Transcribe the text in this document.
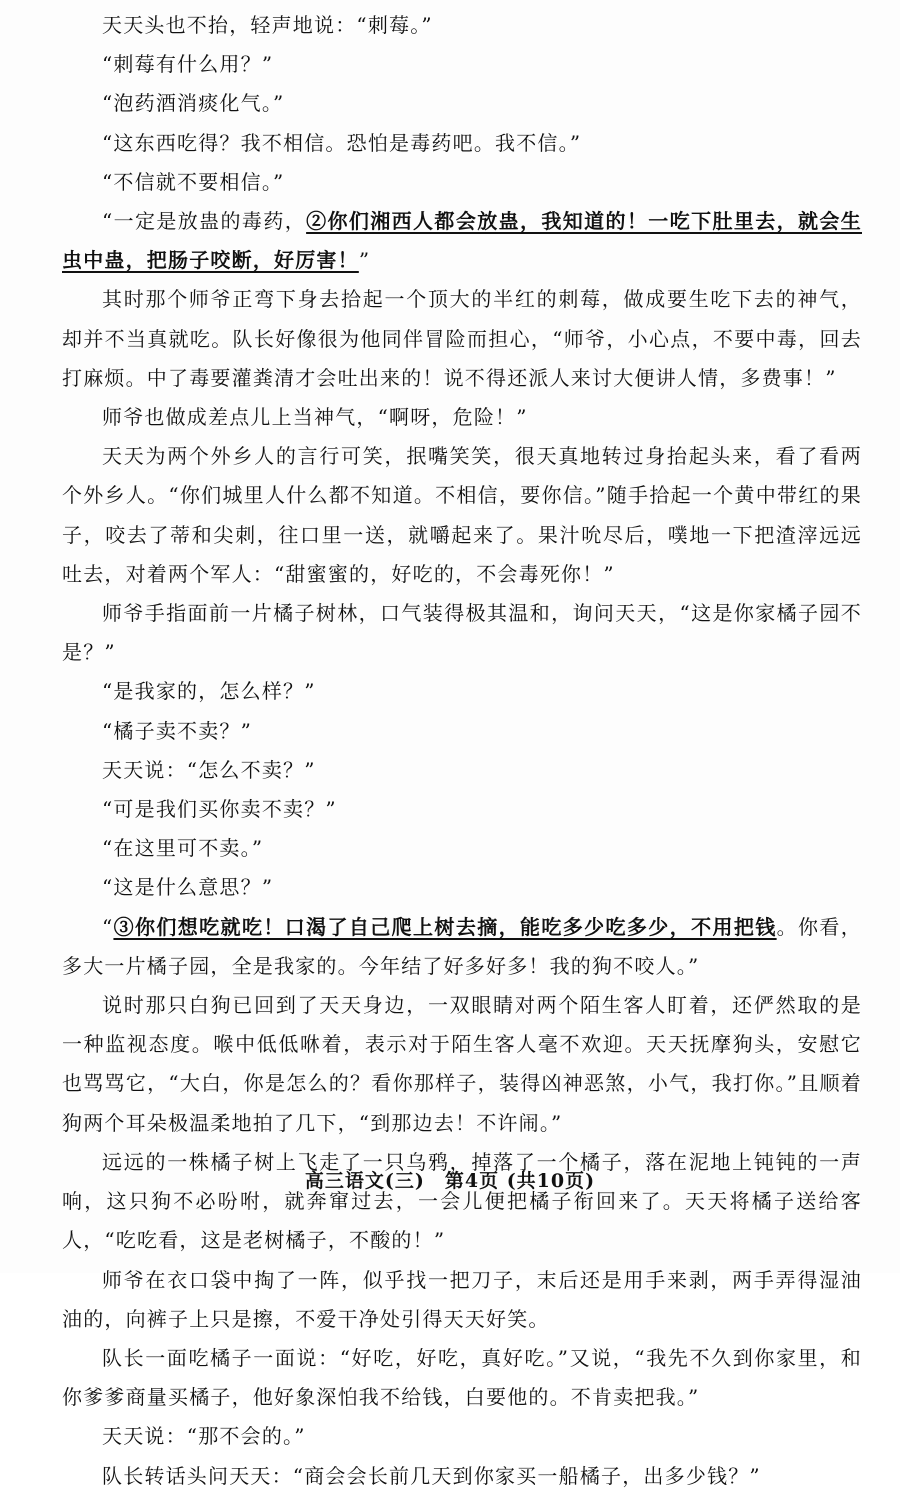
天天头也不抬，轻声地说：“刺莓。”

“刺莓有什么用？”

“泡药酒消痰化气。”

“这东西吃得？我不相信。恐怕是毒药吧。我不信。”

“不信就不要相信。”

“一定是放蛊的毒药，②你们湘西人都会放蛊，我知道的！一吃下肚里去，就会生虫中蛊，把肠子咬断，好厉害！”

其时那个师爷正弯下身去拾起一个顶大的半红的刺莓，做成要生吃下去的神气，却并不当真就吃。队长好像很为他同伴冒险而担心，“师爷，小心点，不要中毒，回去打麻烦。中了毒要灌粪清才会吐出来的！说不得还派人来讨大便讲人情，多费事！”

师爷也做成差点儿上当神气，“啊呀，危险！”

天天为两个外乡人的言行可笑，抿嘴笑笑，很天真地转过身抬起头来，看了看两个外乡人。“你们城里人什么都不知道。不相信，要你信。”随手拾起一个黄中带红的果子，咬去了蒂和尖刺，往口里一送，就嚼起来了。果汁吮尽后，噗地一下把渣滓远远吐去，对着两个军人：“甜蜜蜜的，好吃的，不会毒死你！”

师爷手指面前一片橘子树林，口气装得极其温和，询问天天，“这是你家橘子园不是？”

“是我家的，怎么样？”

“橘子卖不卖？”

天天说：“怎么不卖？”

“可是我们买你卖不卖？”

“在这里可不卖。”

“这是什么意思？”

“③你们想吃就吃！口渴了自己爬上树去摘，能吃多少吃多少，不用把钱。你看，多大一片橘子园，全是我家的。今年结了好多好多！我的狗不咬人。”

说时那只白狗已回到了天天身边，一双眼睛对两个陌生客人盯着，还俨然取的是一种监视态度。喉中低低咻着，表示对于陌生客人毫不欢迎。天天抚摩狗头，安慰它也骂骂它，“大白，你是怎么的？看你那样子，装得凶神恶煞，小气，我打你。”且顺着狗两个耳朵极温柔地拍了几下，“到那边去！不许闹。”

远远的一株橘子树上飞走了一只乌鸦，掉落了一个橘子，落在泥地上钝钝的一声响，这只狗不必吩咐，就奔窜过去，一会儿便把橘子衔回来了。天天将橘子送给客人，“吃吃看，这是老树橘子，不酸的！”

师爷在衣口袋中掏了一阵，似乎找一把刀子，末后还是用手来剥，两手弄得湿油油的，向裤子上只是擦，不爱干净处引得天天好笑。

队长一面吃橘子一面说：“好吃，好吃，真好吃。”又说，“我先不久到你家里，和你爹爹商量买橘子，他好象深怕我不给钱，白要他的。不肯卖把我。”

天天说：“那不会的。”

队长转话头问天天：“商会会长前几天到你家买一船橘子，出多少钱？”

高三语文(三)　第4页 (共10页)
